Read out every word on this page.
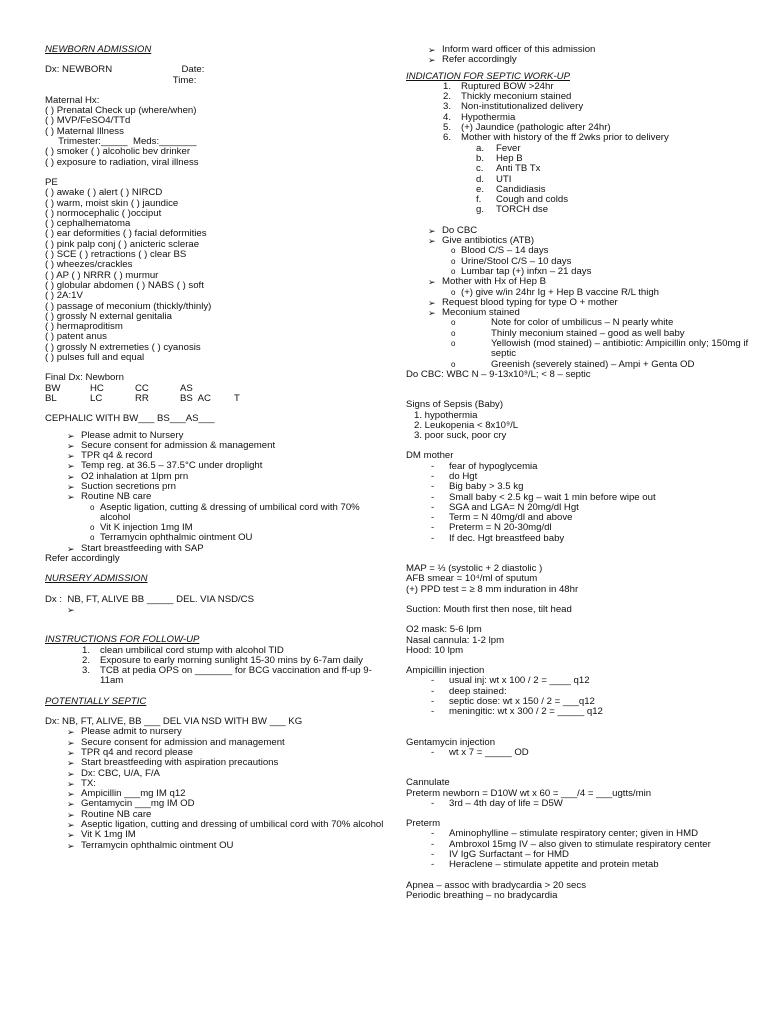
NEWBORN ADMISSION
Dx: NEWBORN                          Date:
Time:
Maternal Hx:
( ) Prenatal Check up (where/when)
( ) MVP/FeSO4/TTd
( ) Maternal Illness
Trimester:_____  Meds:_______
( ) smoker ( ) alcoholic bev drinker
( ) exposure to radiation, viral illness
PE
( ) awake ( ) alert ( ) NIRCD
( ) warm, moist skin ( ) jaundice
( ) normocephalic ( )occiput
( ) cephalhematoma
( ) ear deformities ( ) facial deformities
( ) pink palp conj ( ) anicteric sclerae
( ) SCE ( ) retractions ( ) clear BS
( ) wheezes/crackles
( ) AP ( ) NRRR ( ) murmur
( ) globular abdomen ( ) NABS ( ) soft
( ) 2A:1V
( ) passage of meconium (thickly/thinly)
( ) grossly N external genitalia
( ) hermaproditism
( ) patent anus
( ) grossly N extremeties ( ) cyanosis
( ) pulses full and equal
Final Dx: Newborn
BW	HC	CC	AS
BL	LC	RR	BS  AC	T
CEPHALIC WITH BW___ BS___AS___
➢ Please admit to Nursery
➢ Secure consent for admission & management
➢ TPR q4 & record
➢ Temp reg. at 36.5 – 37.5°C under droplight
➢ O2 inhalation at 1lpm prn
➢ Suction secretions prn
➢ Routine NB care
o Aseptic ligation, cutting & dressing of umbilical cord with 70% alcohol
o Vit K injection 1mg IM
o Terramycin ophthalmic ointment OU
➢ Start breastfeeding with SAP
Refer accordingly
NURSERY ADMISSION
Dx :  NB, FT, ALIVE BB _____ DEL. VIA NSD/CS
➢
INSTRUCTIONS FOR FOLLOW-UP
1.	clean umbilical cord stump with alcohol TID
2.	Exposure to early morning sunlight 15-30 mins by 6-7am daily
3.	TCB at pedia OPS on _______ for BCG vaccination and ff-up 9-11am
POTENTIALLY SEPTIC
Dx: NB, FT, ALIVE, BB ___ DEL VIA NSD WITH BW ___ KG
➢ Please admit to nursery
➢ Secure consent for admission and management
➢ TPR q4 and record please
➢ Start breastfeeding with aspiration precautions
➢ Dx: CBC, U/A, F/A
➢ TX:
➢ Ampicillin ___mg IM q12
➢ Gentamycin ___mg IM OD
➢ Routine NB care
➢ Aseptic ligation, cutting and dressing of umbilical cord with 70% alcohol
➢ Vit K 1mg IM
➢ Terramycin ophthalmic ointment OU
➢ Inform ward officer of this admission
➢ Refer accordingly
INDICATION FOR SEPTIC WORK-UP
1.	Ruptured BOW >24hr
2.	Thickly meconium stained
3.	Non-institutionalized delivery
4.	Hypothermia
5.	(+) Jaundice (pathologic after 24hr)
6.	Mother with history of the ff 2wks prior to delivery
a.	Fever
b.	Hep B
c.	Anti TB Tx
d.	UTI
e.	Candidiasis
f.	Cough and colds
g.	TORCH dse
➢ Do CBC
➢ Give antibiotics (ATB)
o Blood C/S – 14 days
o Urine/Stool C/S – 10 days
o Lumbar tap (+) infxn – 21 days
➢ Mother with Hx of Hep B
o (+) give w/in 24hr Ig + Hep B vaccine R/L thigh
➢ Request blood typing for type O + mother
➢ Meconium stained
o	Note for color of umbilicus – N pearly white
o	Thinly meconium stained – good as well baby
o	Yellowish (mod stained) – antibiotic: Ampicillin only; 150mg if septic
o	Greenish (severely stained) – Ampi + Genta OD
Do CBC: WBC N – 9-13x10⁹/L; < 8 – septic
Signs of Sepsis (Baby)
1. hypothermia
2. Leukopenia < 8x10⁹/L
3. poor suck, poor cry
DM mother
-	fear of hypoglycemia
-	do Hgt
-	Big baby > 3.5 kg
-	Small baby < 2.5 kg – wait 1 min before wipe out
-	SGA and LGA= N 20mg/dl Hgt
-	Term = N 40mg/dl and above
-	Preterm = N 20-30mg/dl
-	If dec. Hgt breastfeed baby
MAP = ⅓ (systolic + 2 diastolic )
AFB smear = 10⁴/ml of sputum
(+) PPD test = ≥ 8 mm induration in 48hr
Suction: Mouth first then nose, tilt head
O2 mask: 5-6 lpm
Nasal cannula: 1-2 lpm
Hood: 10 lpm
Ampicillin injection
-	usual inj: wt x 100 / 2 = ____ q12
-	deep stained:
-	septic dose: wt x 150 / 2 = ___q12
-	meningitic: wt x 300 / 2 = _____ q12
Gentamycin injection
-	wt x 7 = _____ OD
Cannulate
Preterm newborn = D10W wt x 60 = ___/4 = ___ugtts/min
-	3rd – 4th day of life = D5W
Preterm
-	Aminophylline – stimulate respiratory center; given in HMD
-	Ambroxol 15mg IV – also given to stimulate respiratory center
-	IV IgG Surfactant – for HMD
-	Heraclene – stimulate appetite and protein metab
Apnea – assoc with bradycardia > 20 secs
Periodic breathing – no bradycardia
